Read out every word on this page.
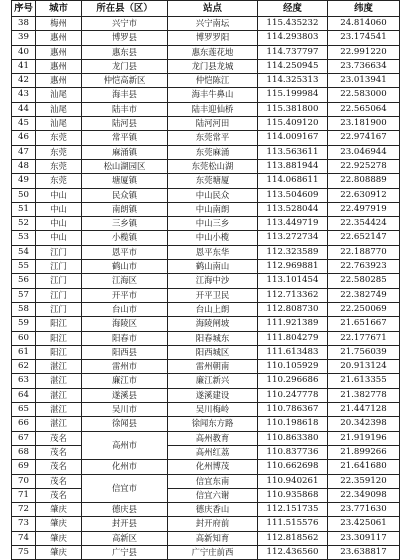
序号	城市	所在县（区）	站点	经度	纬度
38	梅州	兴宁市	兴宁南坛	115.435232	24.814060
39	惠州	博罗县	博罗罗阳	114.293803	23.174541
40	惠州	惠东县	惠东莲花地	114.737797	22.991220
41	惠州	龙门县	龙门县龙城	114.250945	23.736634
42	惠州	仲恺高新区	仲恺陈江	114.325313	23.013941
43	汕尾	海丰县	海丰牛鼻山	115.199984	22.583000
44	汕尾	陆丰市	陆丰迎仙桥	115.381800	22.565064
45	汕尾	陆河县	陆河河田	115.409120	23.181900
46	东莞	常平镇	东莞常平	114.009167	22.974167
47	东莞	麻涌镇	东莞麻涌	113.563611	23.046944
48	东莞	松山湖园区	东莞松山湖	113.881944	22.925278
49	东莞	塘厦镇	东莞塘厦	114.068611	22.808889
50	中山	民众镇	中山民众	113.504609	22.630912
51	中山	南朗镇	中山南朗	113.528044	22.497919
52	中山	三乡镇	中山三乡	113.449719	22.354424
53	中山	小榄镇	中山小榄	113.272734	22.652147
54	江门	恩平市	恩平东华	112.323589	22.188770
55	江门	鹤山市	鹤山南山	112.969881	22.763923
56	江门	江海区	江海中沙	113.101454	22.580285
57	江门	开平市	开平卫民	112.713362	22.382749
58	江门	台山市	台山上朗	112.808730	22.250069
59	阳江	海陵区	海陵闸坡	111.921389	21.651667
60	阳江	阳春市	阳春城东	111.804279	22.177671
61	阳江	阳西县	阳西城区	111.613483	21.756039
62	湛江	雷州市	雷州朝南	110.105929	20.913124
63	湛江	廉江市	廉江新兴	110.296686	21.613355
64	湛江	遂溪县	遂溪建设	110.247778	21.382778
65	湛江	吴川市	吴川梅岭	110.786367	21.447128
66	湛江	徐闻县	徐闻东方路	110.198618	20.342398
67	茂名	高州市	高州教育	110.863380	21.919196
68	茂名		高州红荔	110.837736	21.899266
69	茂名	化州市	化州博茂	110.662698	21.641680
70	茂名	信宜市	信宜东南	110.940261	22.359120
71	茂名		信宜六谢	110.935868	22.349098
72	肇庆	德庆县	德庆香山	112.151735	23.771630
73	肇庆	封开县	封开府前	111.515576	23.425061
74	肇庆	高新区	高新知育	112.818562	23.309117
75	肇庆	广宁县	广宁庄前西	112.436560	23.638817
